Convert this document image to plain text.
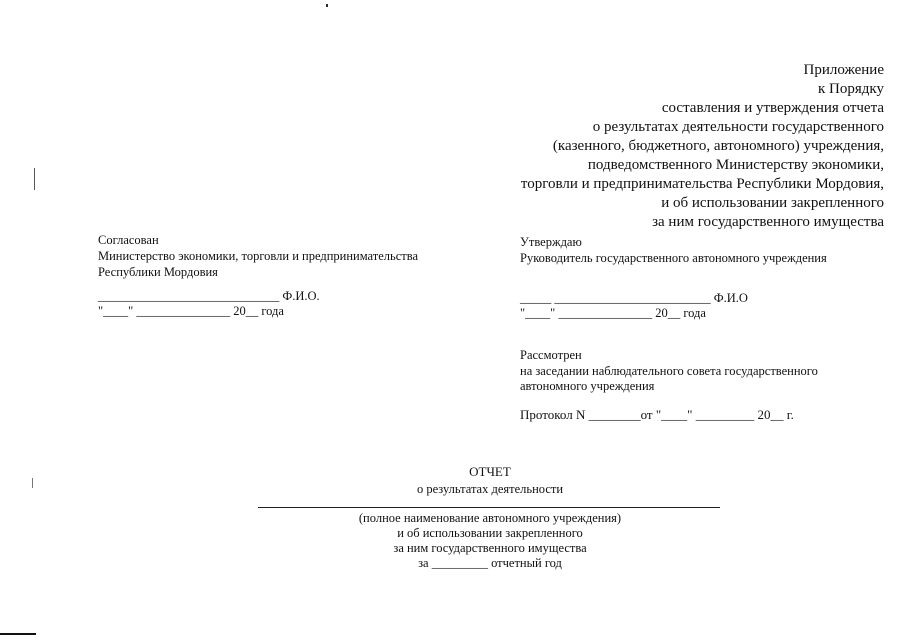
Приложение
к Порядку
составления и утверждения отчета
о результатах деятельности государственного
(казенного, бюджетного, автономного) учреждения,
подведомственного Министерству экономики,
торговли и предпринимательства Республики Мордовия,
и об использовании закрепленного
за ним государственного имущества
Согласован
Министерство экономики, торговли и предпринимательства
Республики Мордовия
_____________________________ Ф.И.О.
"____" _______________ 20__ года
Утверждаю
Руководитель государственного автономного учреждения
_____ _________________________ Ф.И.О
"____" _______________ 20__ года
Рассмотрен
на заседании наблюдательного совета государственного
автономного учреждения
Протокол N ________от "____" _________ 20__ г.
ОТЧЕТ
о результатах деятельности
(полное наименование автономного учреждения)
и об использовании закрепленного
за ним государственного имущества
за _________ отчетный год
